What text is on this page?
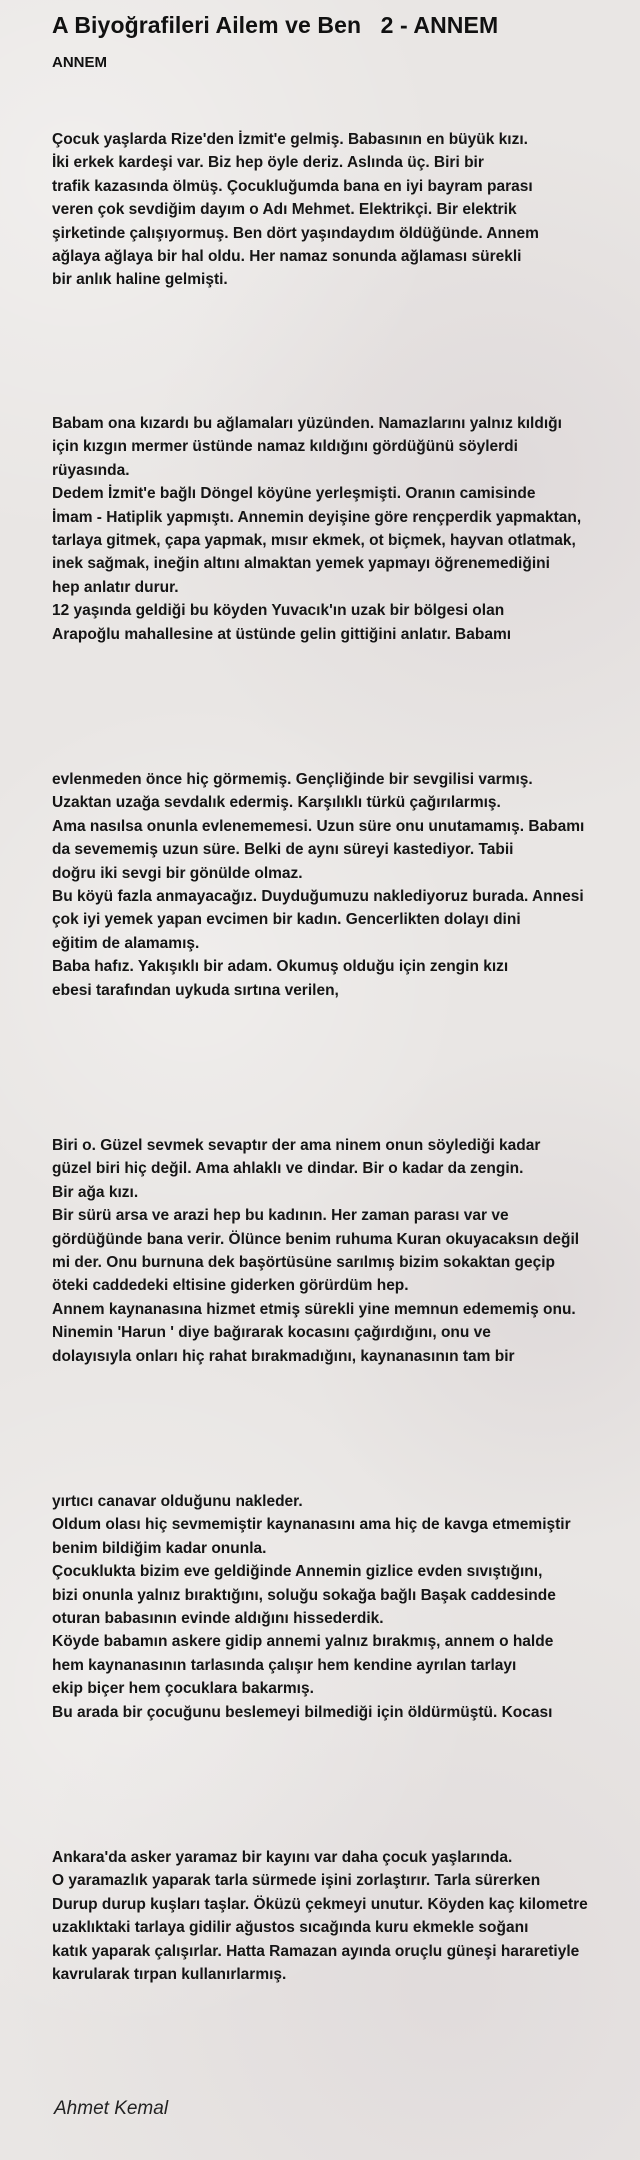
A Biyoğrafileri Ailem ve Ben   2 - ANNEM
ANNEM
Çocuk yaşlarda Rize'den İzmit'e gelmiş. Babasının en büyük kızı.
İki erkek kardeşi var. Biz hep öyle deriz. Aslında üç. Biri bir
trafik kazasında ölmüş. Çocukluğumda bana en iyi bayram parası
veren çok sevdiğim dayım o Adı Mehmet. Elektrikçi. Bir elektrik
şirketinde çalışıyormuş. Ben dört yaşındaydım öldüğünde. Annem
ağlaya ağlaya bir hal oldu. Her namaz sonunda ağlaması sürekli
bir anlık haline gelmişti.
Babam ona kızardı bu ağlamaları yüzünden. Namazlarını yalnız kıldığı
için kızgın mermer üstünde namaz kıldığını gördüğünü söylerdi
rüyasında.
Dedem İzmit'e bağlı Döngel köyüne yerleşmişti. Oranın camisinde
İmam - Hatiplik yapmıştı. Annemin deyişine göre rençperdik yapmaktan,
tarlaya gitmek, çapa yapmak, mısır ekmek, ot biçmek, hayvan otlatmak,
inek sağmak, ineğin altını almaktan yemek yapmayı öğrenemediğini
hep anlatır durur.
12 yaşında geldiği bu köyden Yuvacık'ın uzak bir bölgesi olan
Arapoğlu mahallesine at üstünde gelin gittiğini anlatır. Babamı
evlenmeden önce hiç görmemiş. Gençliğinde bir sevgilisi varmış.
Uzaktan uzağa sevdalık edermiş. Karşılıklı türkü çağırılarmış.
Ama nasılsa onunla evlenememesi. Uzun süre onu unutamamış. Babamı
da sevememiş uzun süre. Belki de aynı süreyi kastediyor. Tabii
doğru iki sevgi bir gönülde olmaz.
Bu köyü fazla anmayacağız. Duyduğumuzu naklediyoruz burada. Annesi
çok iyi yemek yapan evcimen bir kadın. Gencerlikten dolayı dini
eğitim de alamamış.
Baba hafız. Yakışıklı bir adam. Okumuş olduğu için zengin kızı
ebesi tarafından uykuda sırtına verilen,
Biri o. Güzel sevmek sevaptır der ama ninem onun söylediği kadar
güzel biri hiç değil. Ama ahlaklı ve dindar. Bir o kadar da zengin.
Bir ağa kızı.
Bir sürü arsa ve arazi hep bu kadının. Her zaman parası var ve
gördüğünde bana verir. Ölünce benim ruhuma Kuran okuyacaksın değil
mi der. Onu burnuna dek başörtüsüne sarılmış bizim sokaktan geçip
öteki caddedeki eltisine giderken görürdüm hep.
Annem kaynanasına hizmet etmiş sürekli yine memnun edememiş onu.
Ninemin 'Harun ' diye bağırarak kocasını çağırdığını, onu ve
dolayısıyla onları hiç rahat bırakmadığını, kaynanasının tam bir
yırtıcı canavar olduğunu nakleder.
Oldum olası hiç sevmemiştir kaynanasını ama hiç de kavga etmemiştir
benim bildiğim kadar onunla.
Çocuklukta bizim eve geldiğinde Annemin gizlice evden sıvıştığını,
bizi onunla yalnız bıraktığını, soluğu sokağa bağlı Başak caddesinde
oturan babasının evinde aldığını hissederdik.
Köyde babamın askere gidip annemi yalnız bırakmış, annem o halde
hem kaynanasının tarlasında çalışır hem kendine ayrılan tarlayı
ekip biçer hem çocuklara bakarmış.
Bu arada bir çocuğunu beslemeyi bilmediği için öldürmüştü. Kocası
Ankara'da asker yaramaz bir kayını var daha çocuk yaşlarında.
O yaramazlık yaparak tarla sürmede işini zorlaştırır. Tarla sürerken
Durup durup kuşları taşlar. Öküzü çekmeyi unutur. Köyden kaç kilometre
uzaklıktaki tarlaya gidilir ağustos sıcağında kuru ekmekle soğanı
katık yaparak çalışırlar. Hatta Ramazan ayında oruçlu güneşi hararetiyle
kavrularak tırpan kullanırlarmış.
Ahmet Kemal
